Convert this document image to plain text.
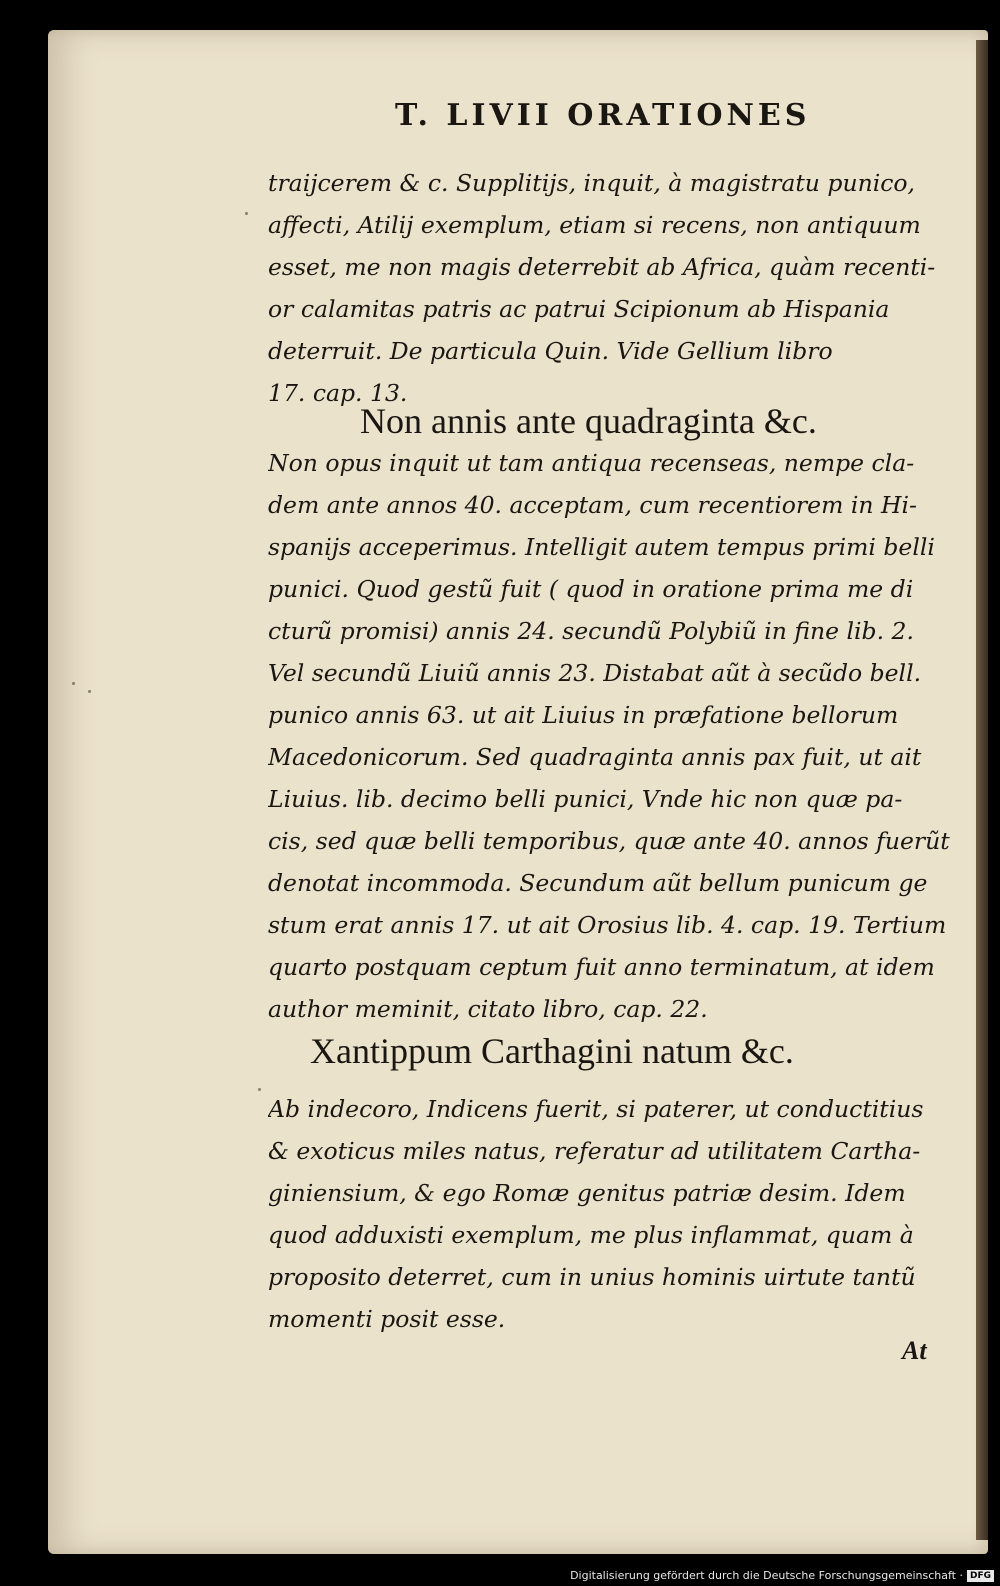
T. LIVII ORATIONES
traijcerem & c. Supplitijs, inquit, à magistratu punico,
affecti, Atilij exemplum, etiam si recens, non antiquum
esset, me non magis deterrebit ab Africa, quàm recenti-
or calamitas patris ac patrui Scipionum ab Hispania
deterruit. De particula Quin. Vide Gellium libro
17. cap. 13.
Non annis ante quadraginta &c.
Non opus inquit ut tam antiqua recenseas, nempe cla-
dem ante annos 40. acceptam, cum recentiorem in Hi-
spanijs acceperimus. Intelligit autem tempus primi belli
punici. Quod gestũ fuit ( quod in oratione prima me di
cturũ promisi) annis 24. secundũ Polybiũ in fine lib. 2.
Vel secundũ Liuiũ annis 23. Distabat aũt à secũdo bell.
punico annis 63. ut ait Liuius in præfatione bellorum
Macedonicorum. Sed quadraginta annis pax fuit, ut ait
Liuius. lib. decimo belli punici, Vnde hic non quæ pa-
cis, sed quæ belli temporibus, quæ ante 40. annos fuerũt
denotat incommoda. Secundum aũt bellum punicum ge
stum erat annis 17. ut ait Orosius lib. 4. cap. 19. Tertium
quarto postquam ceptum fuit anno terminatum, at idem
author meminit, citato libro, cap. 22.
Xantippum Carthagini natum &c.
Ab indecoro, Indicens fuerit, si paterer, ut conductitius
& exoticus miles natus, referatur ad utilitatem Cartha-
giniensium, & ego Romæ genitus patriæ desim. Idem
quod adduxisti exemplum, me plus inflammat, quam à
proposito deterret, cum in unius hominis uirtute tantũ
momenti posit esse.
At
Digitalisierung gefördert durch die Deutsche Forschungsgemeinschaft · DFG
